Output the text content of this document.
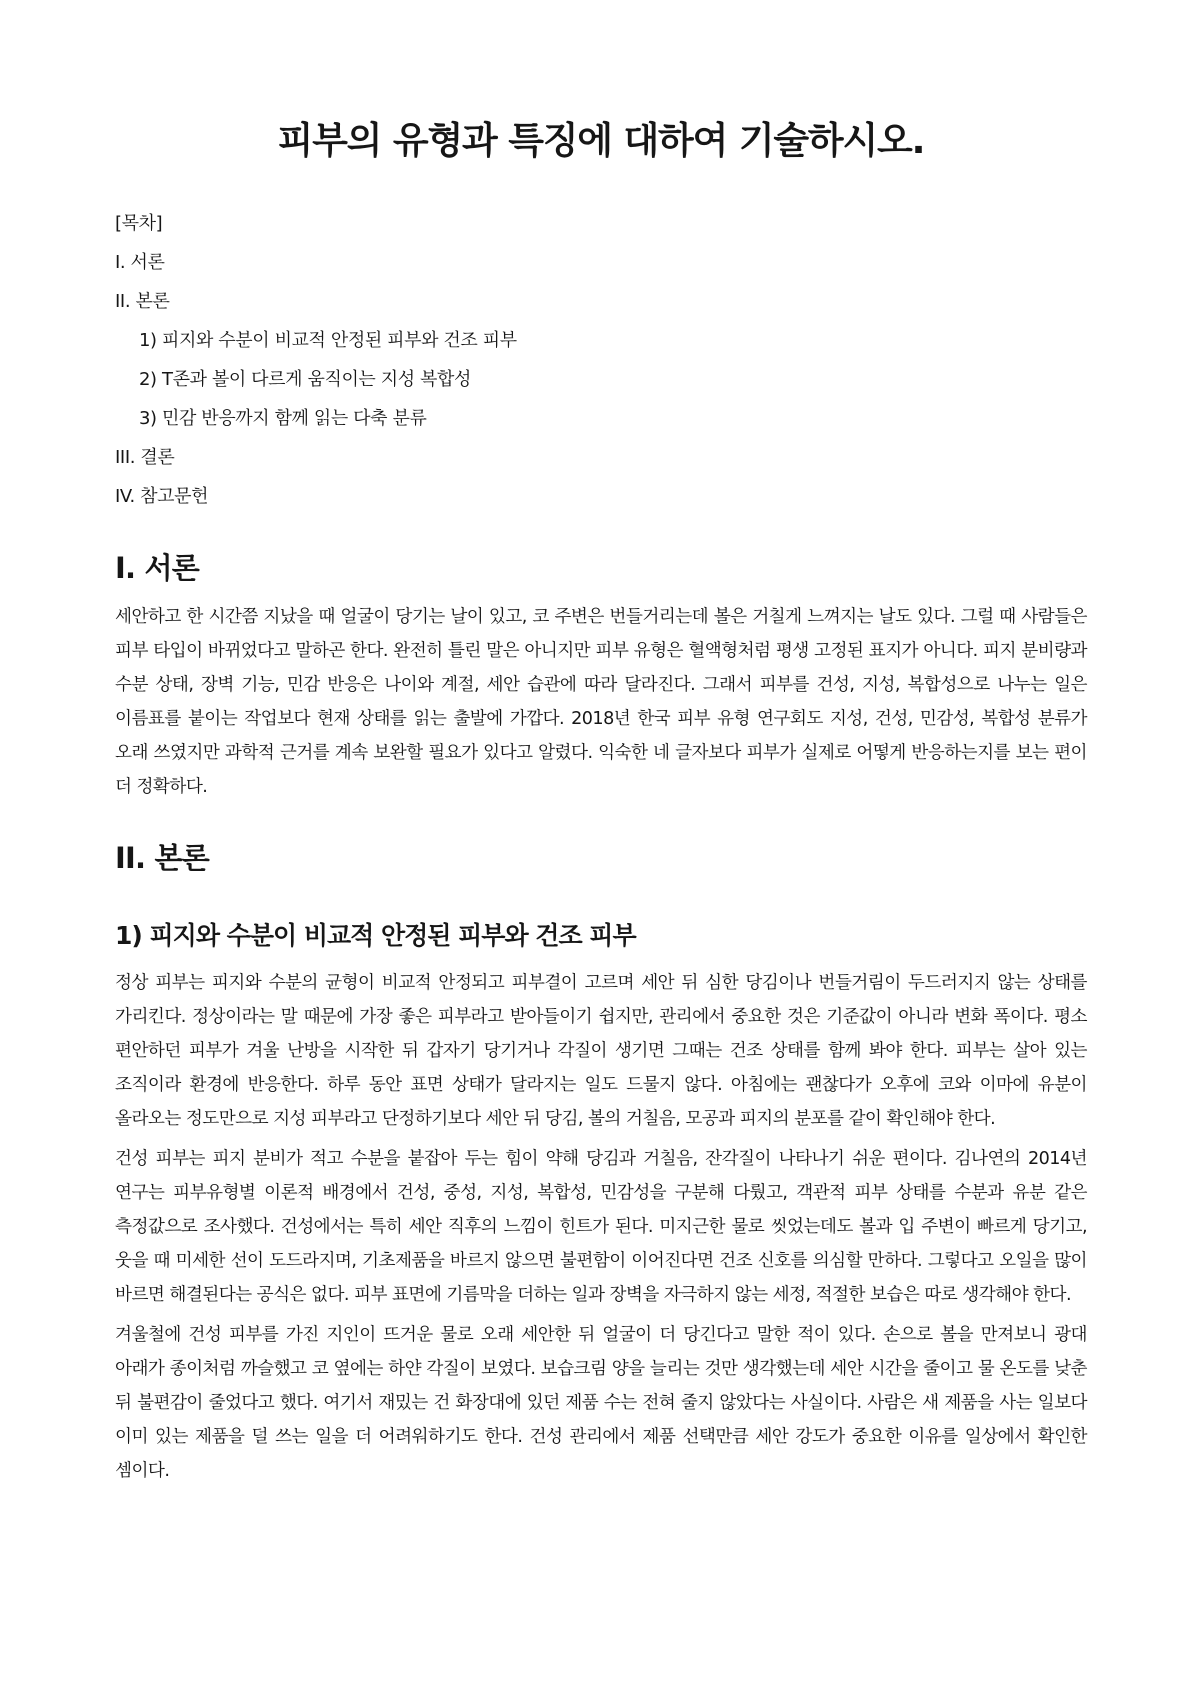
피부의 유형과 특징에 대하여 기술하시오.
[목차]
I. 서론
II. 본론
1) 피지와 수분이 비교적 안정된 피부와 건조 피부
2) T존과 볼이 다르게 움직이는 지성 복합성
3) 민감 반응까지 함께 읽는 다축 분류
III. 결론
IV. 참고문헌
I. 서론

세안하고 한 시간쯤 지났을 때 얼굴이 당기는 날이 있고, 코 주변은 번들거리는데 볼은 거칠게 느껴지는 날도 있다. 그럴 때 사람들은 피부 타입이 바뀌었다고 말하곤 한다. 완전히 틀린 말은 아니지만 피부 유형은 혈액형처럼 평생 고정된 표지가 아니다. 피지 분비량과 수분 상태, 장벽 기능, 민감 반응은 나이와 계절, 세안 습관에 따라 달라진다. 그래서 피부를 건성, 지성, 복합성으로 나누는 일은 이름표를 붙이는 작업보다 현재 상태를 읽는 출발에 가깝다. 2018년 한국 피부 유형 연구회도 지성, 건성, 민감성, 복합성 분류가 오래 쓰였지만 과학적 근거를 계속 보완할 필요가 있다고 알렸다. 익숙한 네 글자보다 피부가 실제로 어떻게 반응하는지를 보는 편이 더 정확하다.

II. 본론
1) 피지와 수분이 비교적 안정된 피부와 건조 피부

정상 피부는 피지와 수분의 균형이 비교적 안정되고 피부결이 고르며 세안 뒤 심한 당김이나 번들거림이 두드러지지 않는 상태를 가리킨다. 정상이라는 말 때문에 가장 좋은 피부라고 받아들이기 쉽지만, 관리에서 중요한 것은 기준값이 아니라 변화 폭이다. 평소 편안하던 피부가 겨울 난방을 시작한 뒤 갑자기 당기거나 각질이 생기면 그때는 건조 상태를 함께 봐야 한다. 피부는 살아 있는 조직이라 환경에 반응한다. 하루 동안 표면 상태가 달라지는 일도 드물지 않다. 아침에는 괜찮다가 오후에 코와 이마에 유분이 올라오는 정도만으로 지성 피부라고 단정하기보다 세안 뒤 당김, 볼의 거칠음, 모공과 피지의 분포를 같이 확인해야 한다.

건성 피부는 피지 분비가 적고 수분을 붙잡아 두는 힘이 약해 당김과 거칠음, 잔각질이 나타나기 쉬운 편이다. 김나연의 2014년 연구는 피부유형별 이론적 배경에서 건성, 중성, 지성, 복합성, 민감성을 구분해 다뤘고, 객관적 피부 상태를 수분과 유분 같은 측정값으로 조사했다. 건성에서는 특히 세안 직후의 느낌이 힌트가 된다. 미지근한 물로 씻었는데도 볼과 입 주변이 빠르게 당기고, 웃을 때 미세한 선이 도드라지며, 기초제품을 바르지 않으면 불편함이 이어진다면 건조 신호를 의심할 만하다. 그렇다고 오일을 많이 바르면 해결된다는 공식은 없다. 피부 표면에 기름막을 더하는 일과 장벽을 자극하지 않는 세정, 적절한 보습은 따로 생각해야 한다.

겨울철에 건성 피부를 가진 지인이 뜨거운 물로 오래 세안한 뒤 얼굴이 더 당긴다고 말한 적이 있다. 손으로 볼을 만져보니 광대 아래가 종이처럼 까슬했고 코 옆에는 하얀 각질이 보였다. 보습크림 양을 늘리는 것만 생각했는데 세안 시간을 줄이고 물 온도를 낮춘 뒤 불편감이 줄었다고 했다. 여기서 재밌는 건 화장대에 있던 제품 수는 전혀 줄지 않았다는 사실이다. 사람은 새 제품을 사는 일보다 이미 있는 제품을 덜 쓰는 일을 더 어려워하기도 한다. 건성 관리에서 제품 선택만큼 세안 강도가 중요한 이유를 일상에서 확인한 셈이다.
